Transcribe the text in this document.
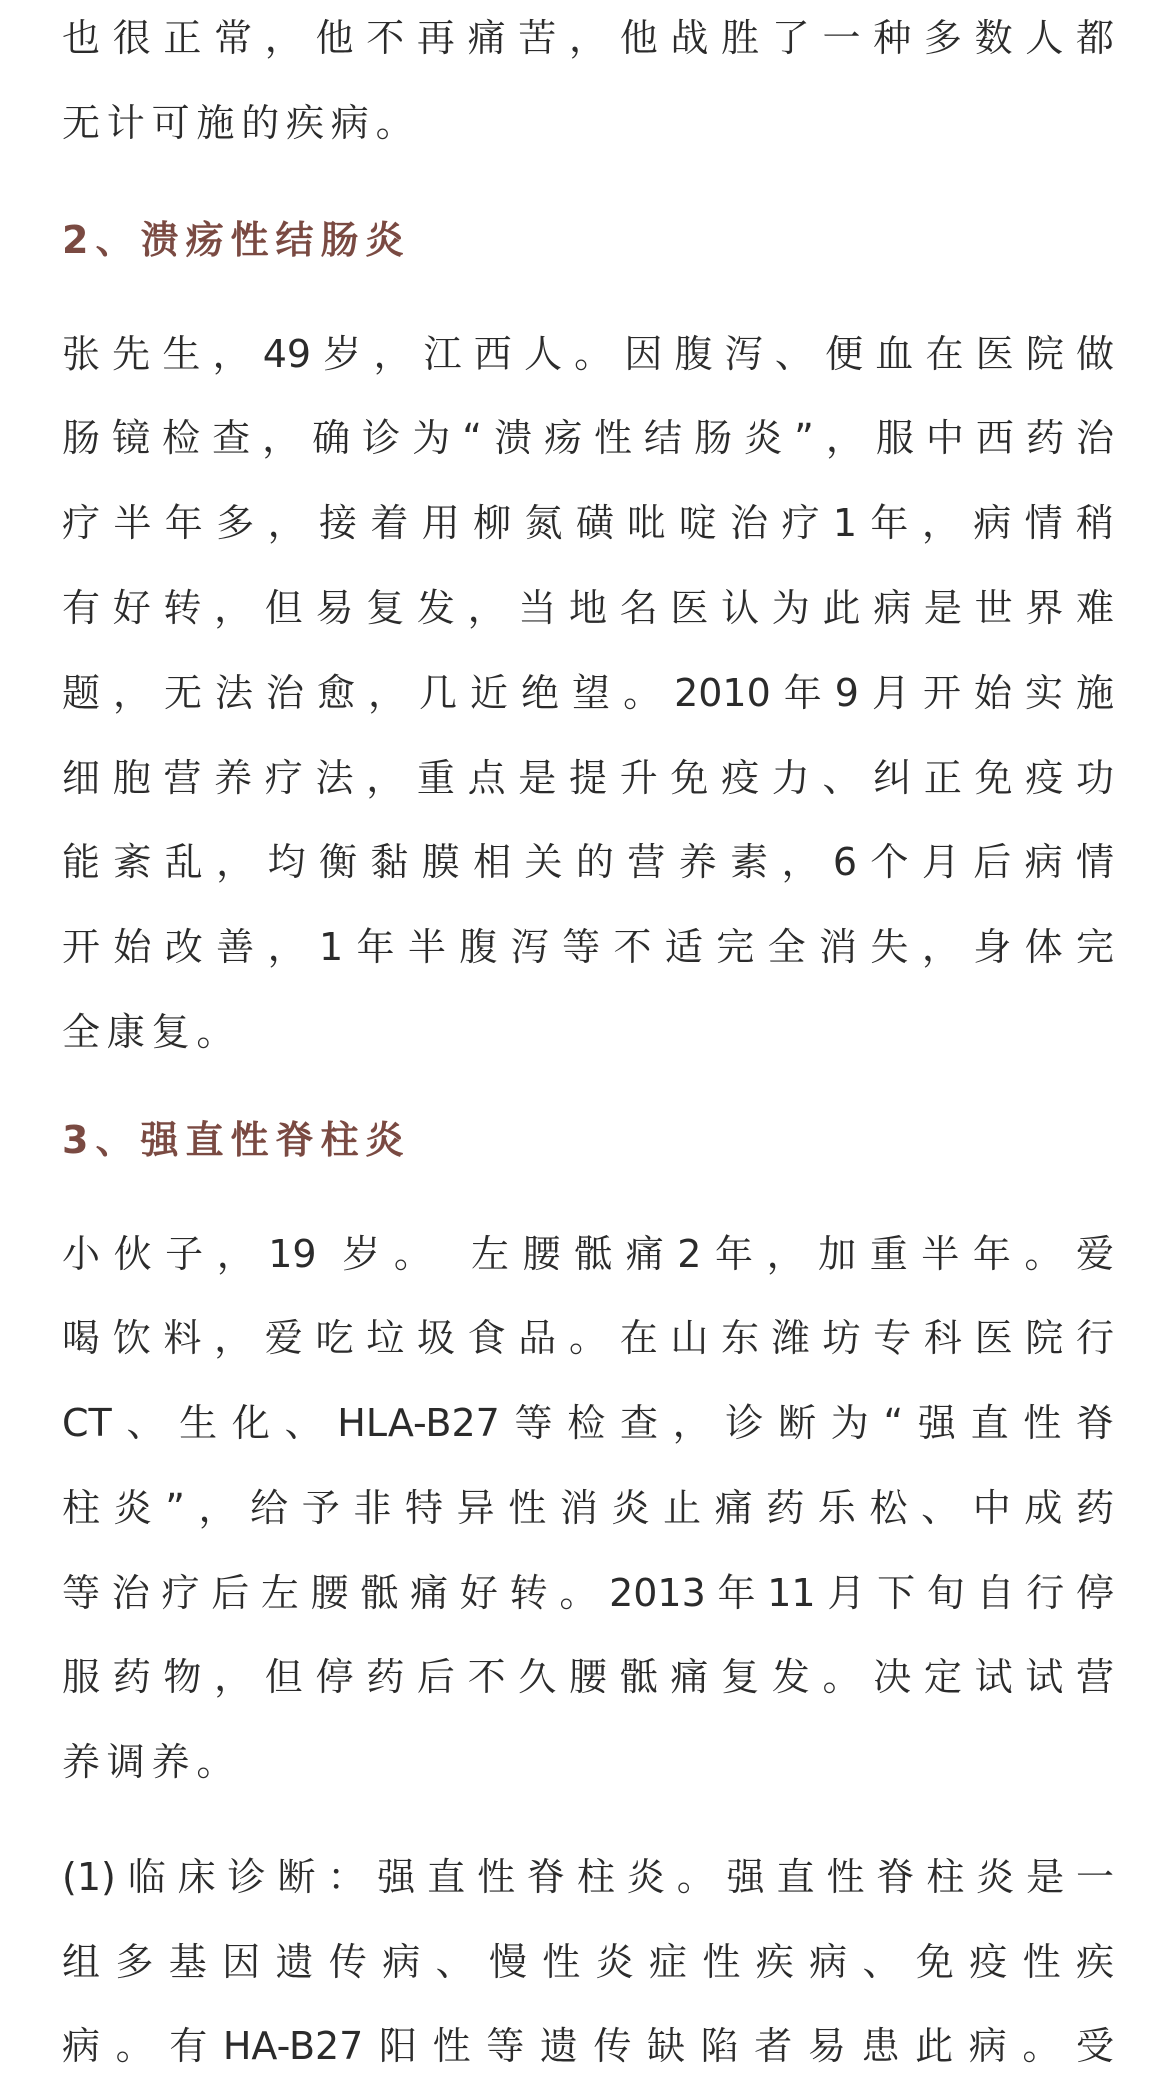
也很正常，他不再痛苦，他战胜了一种多数人都
无计可施的疾病。
2、溃疡性结肠炎
张先生，49岁，江西人。因腹泻、便血在医院做
肠镜检查，确诊为“溃疡性结肠炎”，服中西药治
疗半年多，接着用柳氮磺吡啶治疗1年，病情稍
有好转，但易复发，当地名医认为此病是世界难
题，无法治愈，几近绝望。2010年9月开始实施
细胞营养疗法，重点是提升免疫力、纠正免疫功
能紊乱，均衡黏膜相关的营养素，6个月后病情
开始改善，1年半腹泻等不适完全消失，身体完
全康复。
3、强直性脊柱炎
小伙子，19 岁。 左腰骶痛2年，加重半年。爱
喝饮料，爱吃垃圾食品。在山东潍坊专科医院行
CT、生化、HLA-B27等检查，诊断为“强直性脊
柱炎”，给予非特异性消炎止痛药乐松、中成药
等治疗后左腰骶痛好转。2013年11月下旬自行停
服药物，但停药后不久腰骶痛复发。决定试试营
养调养。
(1)临床诊断：强直性脊柱炎。强直性脊柱炎是一
组多基因遗传病、慢性炎症性疾病、免疫性疾
病。有HA-B27阳性等遗传缺陷者易患此病。受
